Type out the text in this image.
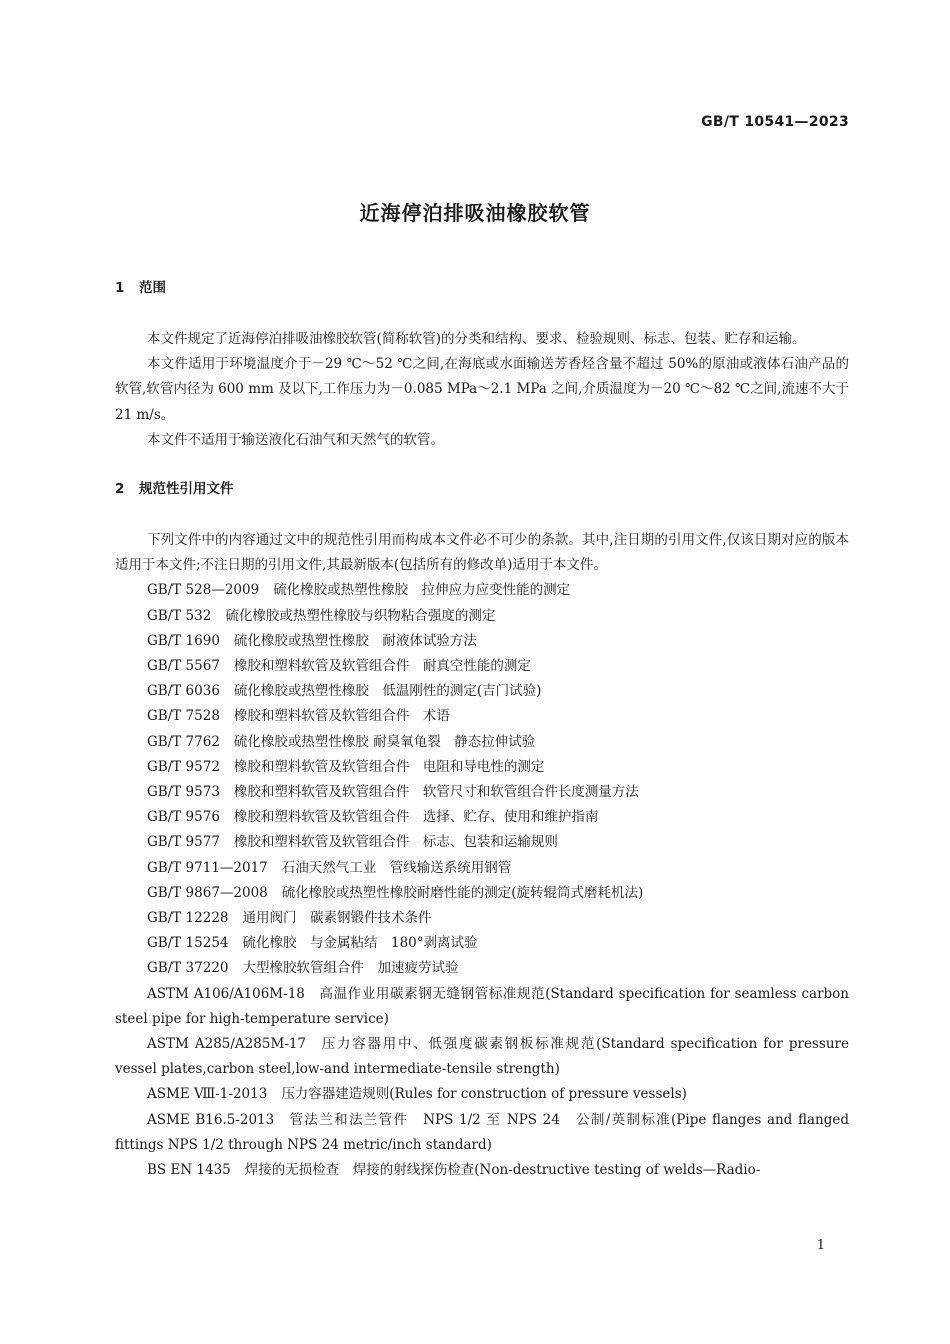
GB/T 10541—2023
近海停泊排吸油橡胶软管
1 范围

本文件规定了近海停泊排吸油橡胶软管(简称软管)的分类和结构、要求、检验规则、标志、包装、贮存和运输。

本文件适用于环境温度介于－29 ℃～52 ℃之间,在海底或水面输送芳香烃含量不超过 50%的原油或液体石油产品的软管,软管内径为 600 mm 及以下,工作压力为－0.085 MPa～2.1 MPa 之间,介质温度为－20 ℃～82 ℃之间,流速不大于 21 m/s。

本文件不适用于输送液化石油气和天然气的软管。

2 规范性引用文件

下列文件中的内容通过文中的规范性引用而构成本文件必不可少的条款。其中,注日期的引用文件,仅该日期对应的版本适用于本文件;不注日期的引用文件,其最新版本(包括所有的修改单)适用于本文件。

GB/T 528—2009 硫化橡胶或热塑性橡胶　拉伸应力应变性能的测定

GB/T 532 硫化橡胶或热塑性橡胶与织物粘合强度的测定

GB/T 1690 硫化橡胶或热塑性橡胶　耐液体试验方法

GB/T 5567 橡胶和塑料软管及软管组合件　耐真空性能的测定

GB/T 6036 硫化橡胶或热塑性橡胶　低温刚性的测定(吉门试验)

GB/T 7528 橡胶和塑料软管及软管组合件　术语

GB/T 7762 硫化橡胶或热塑性橡胶 耐臭氧龟裂　静态拉伸试验

GB/T 9572 橡胶和塑料软管及软管组合件　电阻和导电性的测定

GB/T 9573 橡胶和塑料软管及软管组合件　软管尺寸和软管组合件长度测量方法

GB/T 9576 橡胶和塑料软管及软管组合件　选择、贮存、使用和维护指南

GB/T 9577 橡胶和塑料软管及软管组合件　标志、包装和运输规则

GB/T 9711—2017 石油天然气工业　管线输送系统用钢管

GB/T 9867—2008 硫化橡胶或热塑性橡胶耐磨性能的测定(旋转辊筒式磨耗机法)

GB/T 12228 通用阀门　碳素钢锻件技术条件

GB/T 15254 硫化橡胶　与金属粘结　180°剥离试验

GB/T 37220 大型橡胶软管组合件　加速疲劳试验

ASTM A106/A106M-18 高温作业用碳素钢无缝钢管标准规范(Standard specification for seamless carbon steel pipe for high-temperature service)

ASTM A285/A285M-17 压力容器用中、低强度碳素钢板标准规范(Standard specification for pressure vessel plates,carbon steel,low-and intermediate-tensile strength)

ASME Ⅷ-1-2013 压力容器建造规则(Rules for construction of pressure vessels)

ASME B16.5-2013 管法兰和法兰管件　NPS 1/2 至 NPS 24　公制/英制标准(Pipe flanges and flanged fittings NPS 1/2 through NPS 24 metric/inch standard)

BS EN 1435 焊接的无损检查　焊接的射线探伤检查(Non-destructive testing of welds—Radio-

1
